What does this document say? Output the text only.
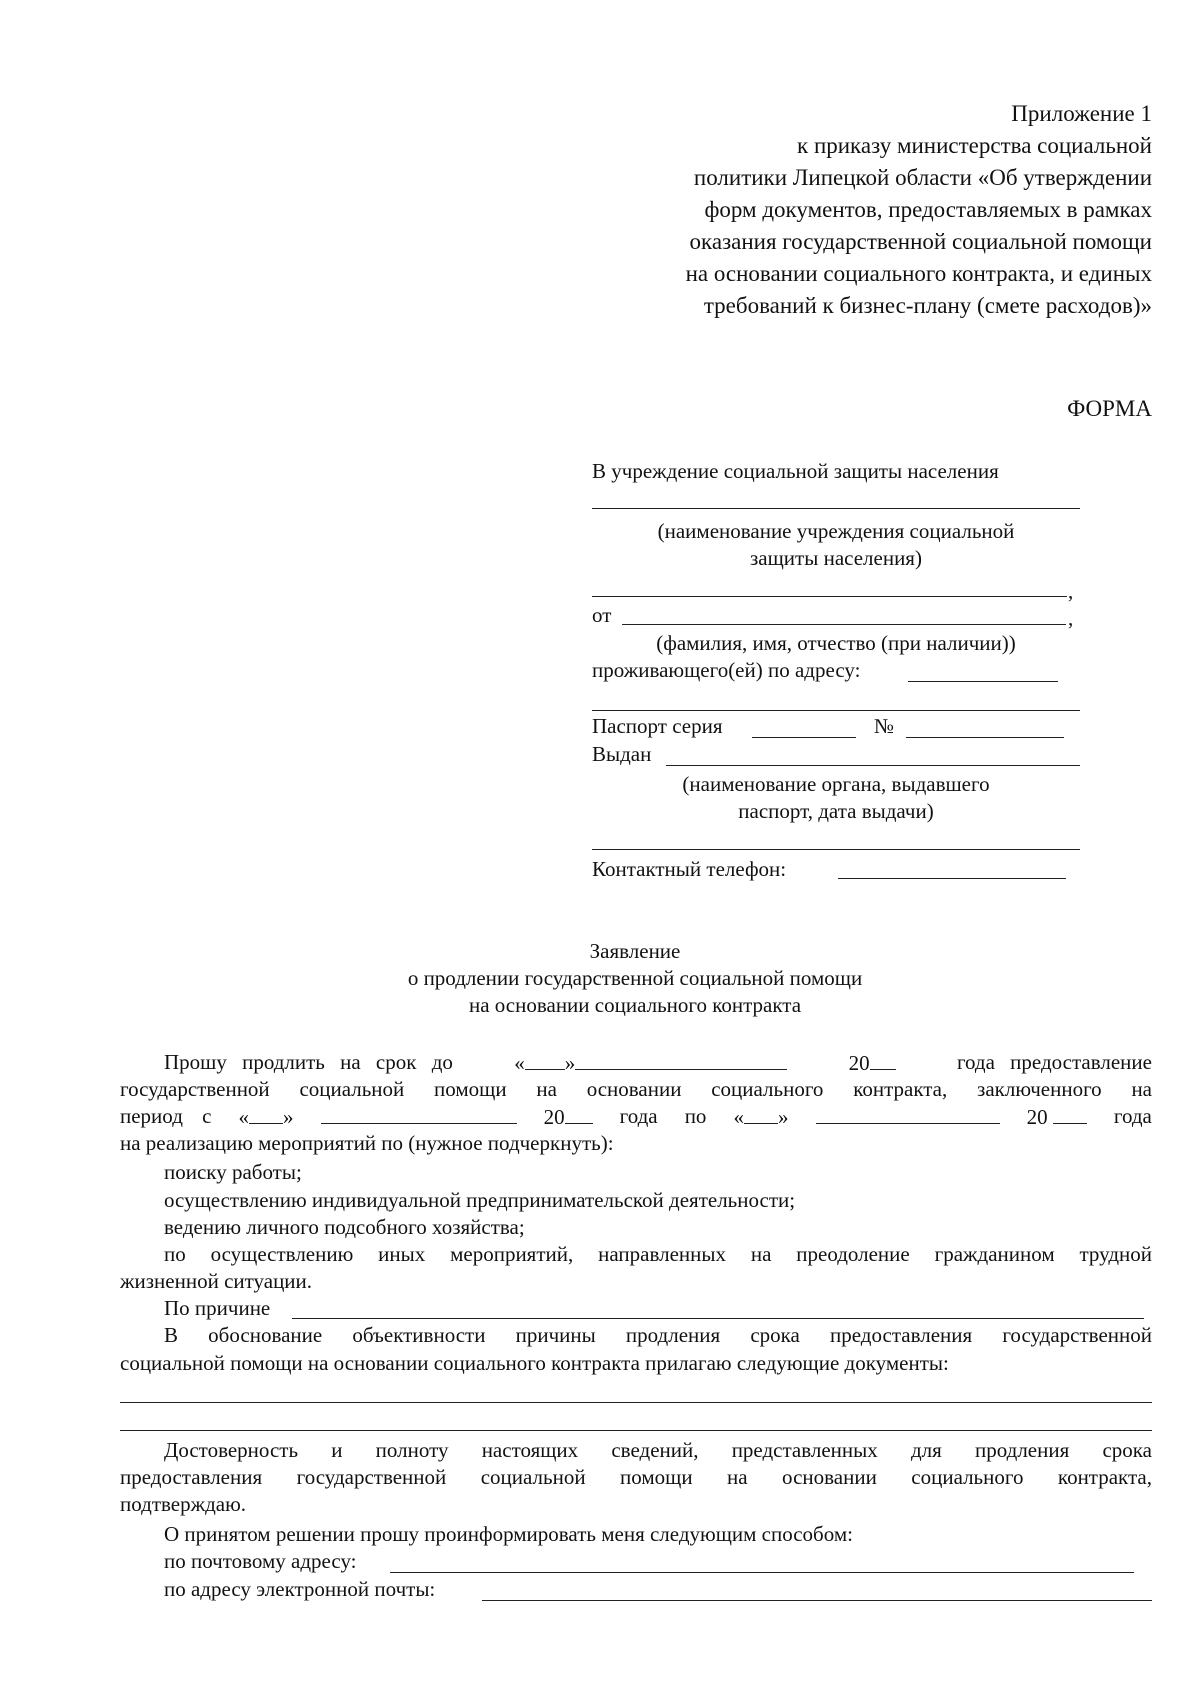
Приложение 1
к приказу министерства социальной
политики Липецкой области «Об утверждении
форм документов, предоставляемых в рамках
оказания государственной социальной помощи
на основании социального контракта, и единых
требований к бизнес-плану (смете расходов)»
ФОРМА
В учреждение социальной защиты населения
(наименование учреждения социальной
защиты населения)
,
от	,
(фамилия, имя, отчество (при наличии))
проживающего(ей) по адресу:
Паспорт серия	№
Выдан
(наименование органа, выдавшего
паспорт, дата выдачи)
Контактный телефон:
Заявление
о продлении государственной социальной помощи
на основании социального контракта
Прошу продлить на срок до	« »	20	года предоставление
государственной социальной помощи на основании социального контракта, заключенного на
период с « »	20	года по « »	20	года
на реализацию мероприятий по (нужное подчеркнуть):
поиску работы;
осуществлению индивидуальной предпринимательской деятельности;
ведению личного подсобного хозяйства;
по осуществлению иных мероприятий, направленных на преодоление гражданином трудной
жизненной ситуации.
По причине
В обоснование объективности причины продления срока предоставления государственной
социальной помощи на основании социального контракта прилагаю следующие документы:
Достоверность и полноту настоящих сведений, представленных для продления срока
предоставления государственной социальной помощи на основании социального контракта,
подтверждаю.
О принятом решении прошу проинформировать меня следующим способом:
по почтовому адресу:
по адресу электронной почты:
